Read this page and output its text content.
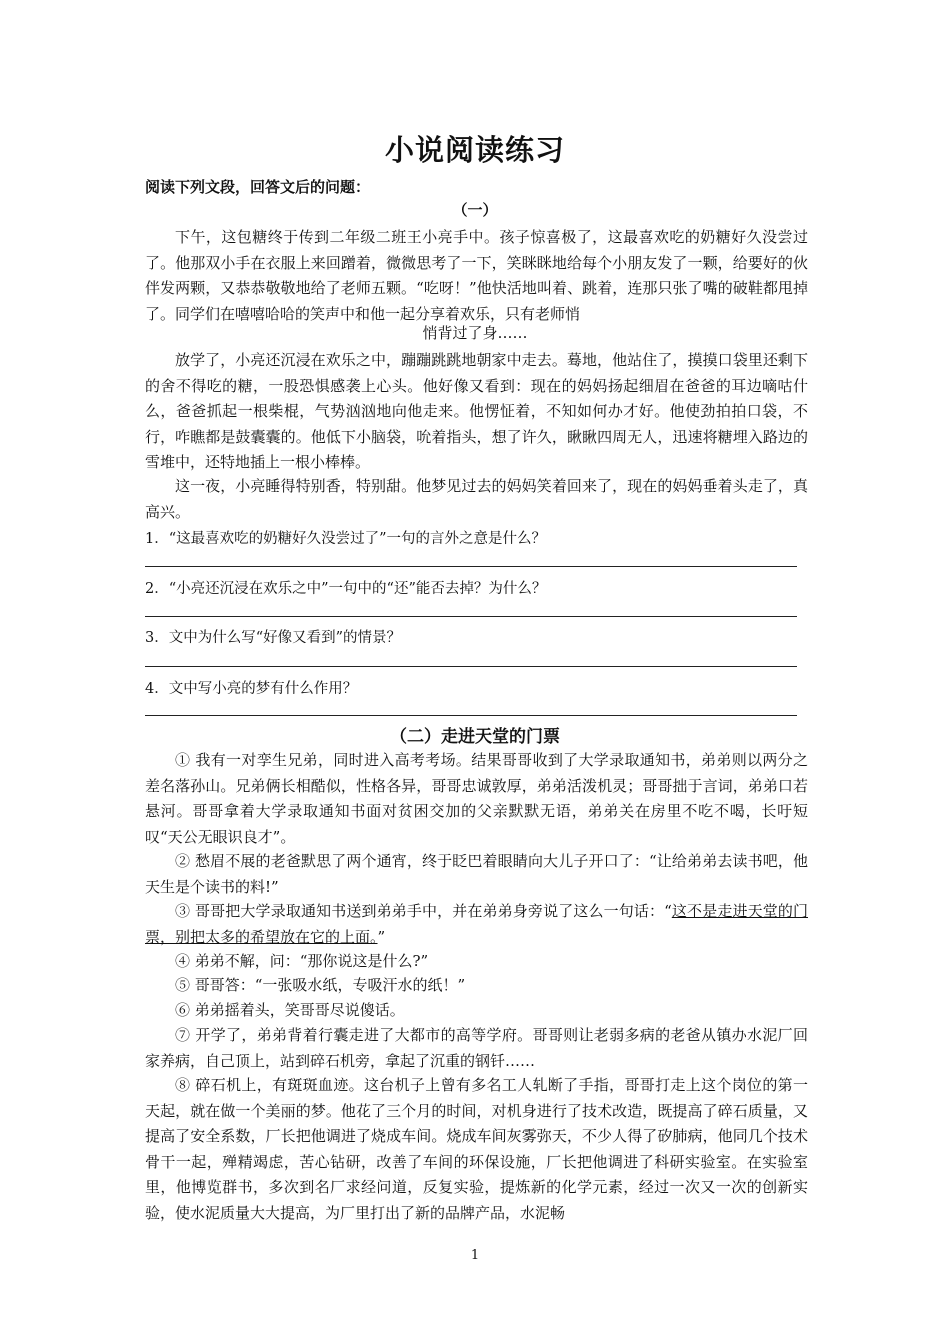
小说阅读练习
阅读下列文段，回答文后的问题：
（一）
下午，这包糖终于传到二年级二班王小亮手中。孩子惊喜极了，这最喜欢吃的奶糖好久没尝过了。他那双小手在衣服上来回蹭着，微微思考了一下，笑眯眯地给每个小朋友发了一颗，给要好的伙伴发两颗，又恭恭敬敬地给了老师五颗。“吃呀！”他快活地叫着、跳着，连那只张了嘴的破鞋都甩掉了。同学们在嘻嘻哈哈的笑声中和他一起分享着欢乐，只有老师悄
悄背过了身……
放学了，小亮还沉浸在欢乐之中，蹦蹦跳跳地朝家中走去。蓦地，他站住了，摸摸口袋里还剩下的舍不得吃的糖，一股恐惧感袭上心头。他好像又看到：现在的妈妈扬起细眉在爸爸的耳边嘀咕什么，爸爸抓起一根柴棍，气势汹汹地向他走来。他愣怔着，不知如何办才好。他使劲拍拍口袋，不行，咋瞧都是鼓囊囊的。他低下小脑袋，吮着指头，想了许久，瞅瞅四周无人，迅速将糖埋入路边的雪堆中，还特地插上一根小棒棒。
这一夜，小亮睡得特别香，特别甜。他梦见过去的妈妈笑着回来了，现在的妈妈垂着头走了，真高兴。
1．“这最喜欢吃的奶糖好久没尝过了”一句的言外之意是什么？
2．“小亮还沉浸在欢乐之中”一句中的“还”能否去掉？为什么？
3．文中为什么写“好像又看到”的情景？
4．文中写小亮的梦有什么作用？
（二）走进天堂的门票
① 我有一对孪生兄弟，同时进入高考考场。结果哥哥收到了大学录取通知书，弟弟则以两分之差名落孙山。兄弟俩长相酷似，性格各异，哥哥忠诚敦厚，弟弟活泼机灵；哥哥拙于言词，弟弟口若悬河。哥哥拿着大学录取通知书面对贫困交加的父亲默默无语，弟弟关在房里不吃不喝，长吁短叹“天公无眼识良才”。
② 愁眉不展的老爸默思了两个通宵，终于眨巴着眼睛向大儿子开口了：“让给弟弟去读书吧，他天生是个读书的料!”
③ 哥哥把大学录取通知书送到弟弟手中，并在弟弟身旁说了这么一句话：“这不是走进天堂的门票，别把太多的希望放在它的上面。”
④ 弟弟不解，问：“那你说这是什么?”
⑤ 哥哥答：“一张吸水纸，专吸汗水的纸！”
⑥ 弟弟摇着头，笑哥哥尽说傻话。
⑦ 开学了，弟弟背着行囊走进了大都市的高等学府。哥哥则让老弱多病的老爸从镇办水泥厂回家养病，自己顶上，站到碎石机旁，拿起了沉重的钢钎……
⑧ 碎石机上，有斑斑血迹。这台机子上曾有多名工人轧断了手指，哥哥打走上这个岗位的第一天起，就在做一个美丽的梦。他花了三个月的时间，对机身进行了技术改造，既提高了碎石质量，又提高了安全系数，厂长把他调进了烧成车间。烧成车间灰雾弥天，不少人得了矽肺病，他同几个技术骨干一起，殚精竭虑，苦心钻研，改善了车间的环保设施，厂长把他调进了科研实验室。在实验室里，他博览群书，多次到名厂求经问道，反复实验，提炼新的化学元素，经过一次又一次的创新实验，使水泥质量大大提高，为厂里打出了新的品牌产品，水泥畅
1
